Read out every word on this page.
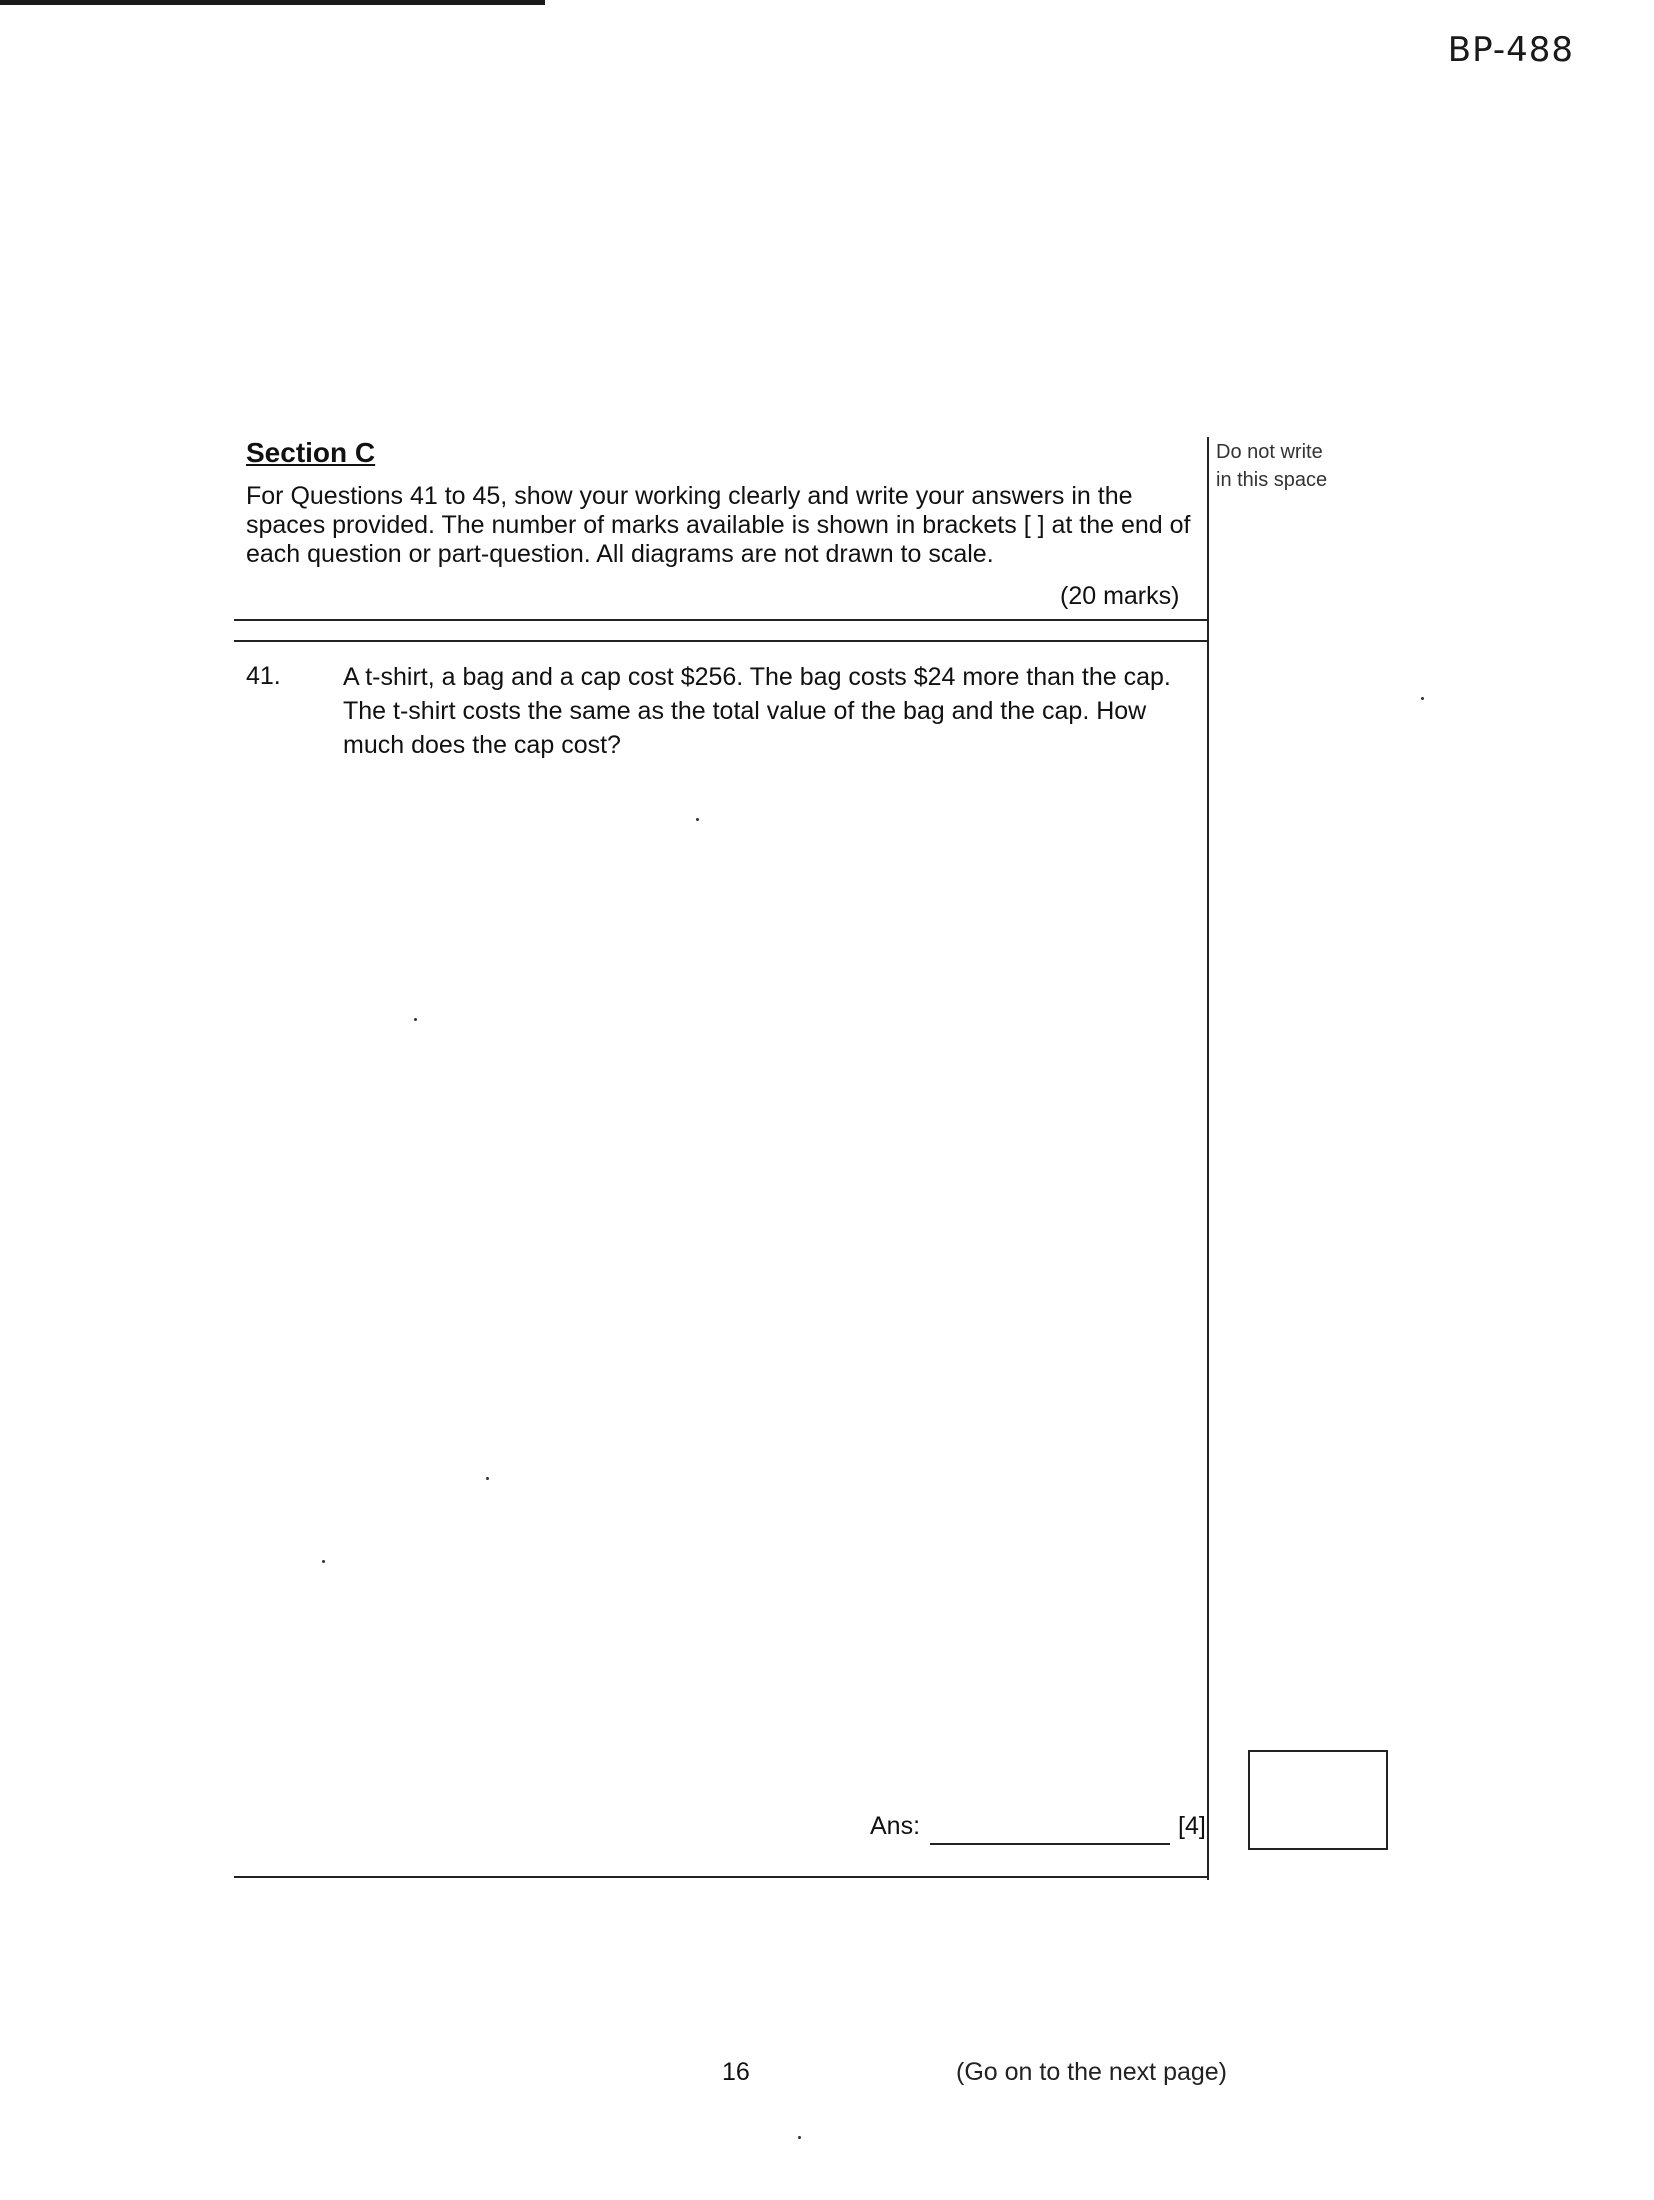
BP-488
Section C
For Questions 41 to 45, show your working clearly and write your answers in the spaces provided. The number of marks available is shown in brackets [ ] at the end of each question or part-question. All diagrams are not drawn to scale.
(20 marks)
Do not write
in this space
41. A t-shirt, a bag and a cap cost $256. The bag costs $24 more than the cap. The t-shirt costs the same as the total value of the bag and the cap. How much does the cap cost?
Ans:	[4]
16	(Go on to the next page)
